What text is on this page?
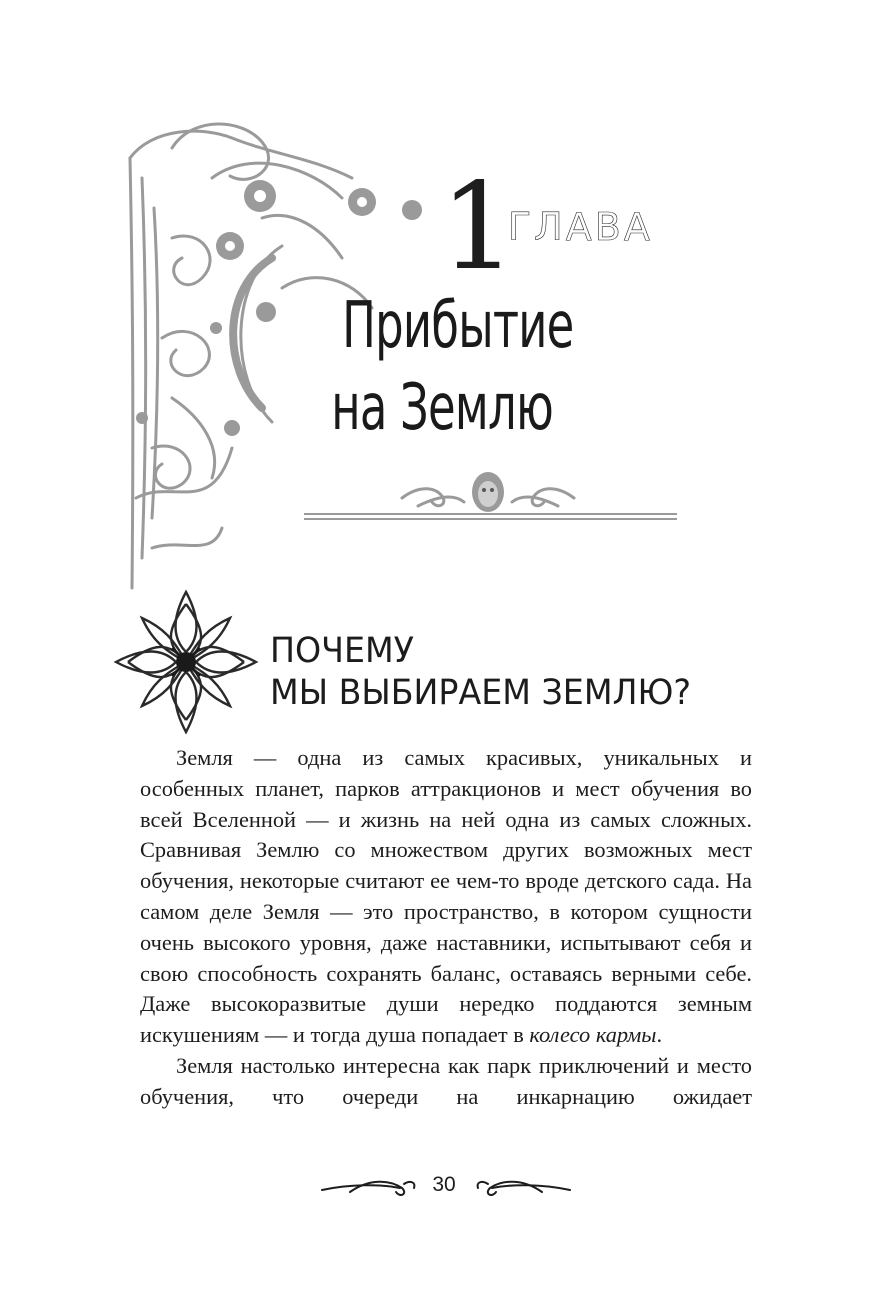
1
ГЛАВА
Прибытие
на Землю
ПОЧЕМУ
МЫ ВЫБИРАЕМ ЗЕМЛЮ?

Земля — одна из самых красивых, уникальных и особенных планет, парков аттракционов и мест обучения во всей Вселенной — и жизнь на ней одна из самых сложных. Сравнивая Землю со множеством других возможных мест обучения, некоторые считают ее чем-то вроде детского сада. На самом деле Земля — это пространство, в котором сущности очень высокого уровня, даже наставники, испытывают себя и свою способность сохранять баланс, оставаясь верными себе. Даже высокоразвитые души нередко поддаются земным искушениям — и тогда душа попадает в колесо кармы.

Земля настолько интересна как парк приключений и место обучения, что очереди на инкарнацию ожидает

30
